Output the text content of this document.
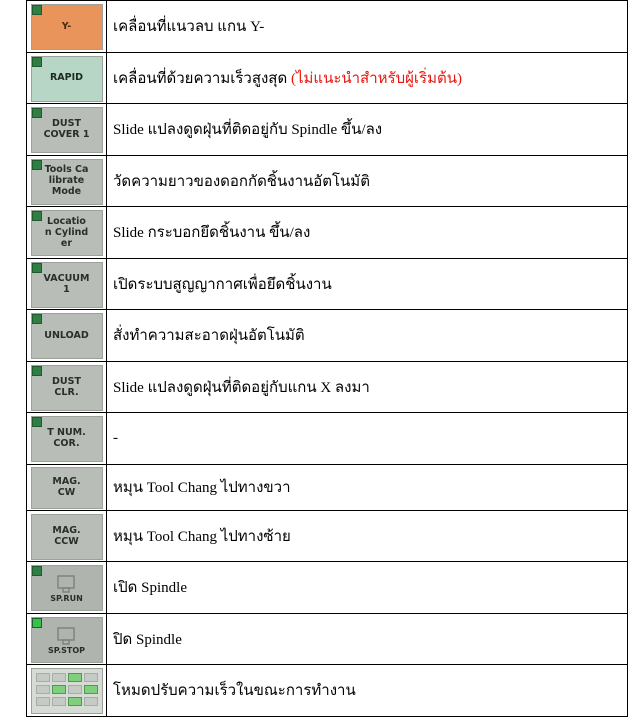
Y-	เคลื่อนที่แนวลบ แกน Y-

RAPID	เคลื่อนที่ด้วยความเร็วสูงสุด (ไม่แนะนำสำหรับผู้เริ่มต้น)

DUST
COVER 1	Slide แปลงดูดฝุ่นที่ติดอยู่กับ Spindle ขึ้น/ลง

Tools Ca
librate
Mode	วัดความยาวของดอกกัดชิ้นงานอัตโนมัติ

Locatio
n Cylind
er	Slide กระบอกยึดชิ้นงาน ขึ้น/ลง

VACUUM
1	เปิดระบบสูญญากาศเพื่อยึดชิ้นงาน

UNLOAD	สั่งทำความสะอาดฝุ่นอัตโนมัติ

DUST
CLR.	Slide แปลงดูดฝุ่นที่ติดอยู่กับแกน X ลงมา

T NUM.
COR.	-

MAG.
CW	หมุน Tool Chang ไปทางขวา

MAG.
CCW	หมุน Tool Chang ไปทางซ้าย

SP.RUN	เปิด Spindle

SP.STOP	ปิด Spindle

	โหมดปรับความเร็วในขณะการทำงาน
